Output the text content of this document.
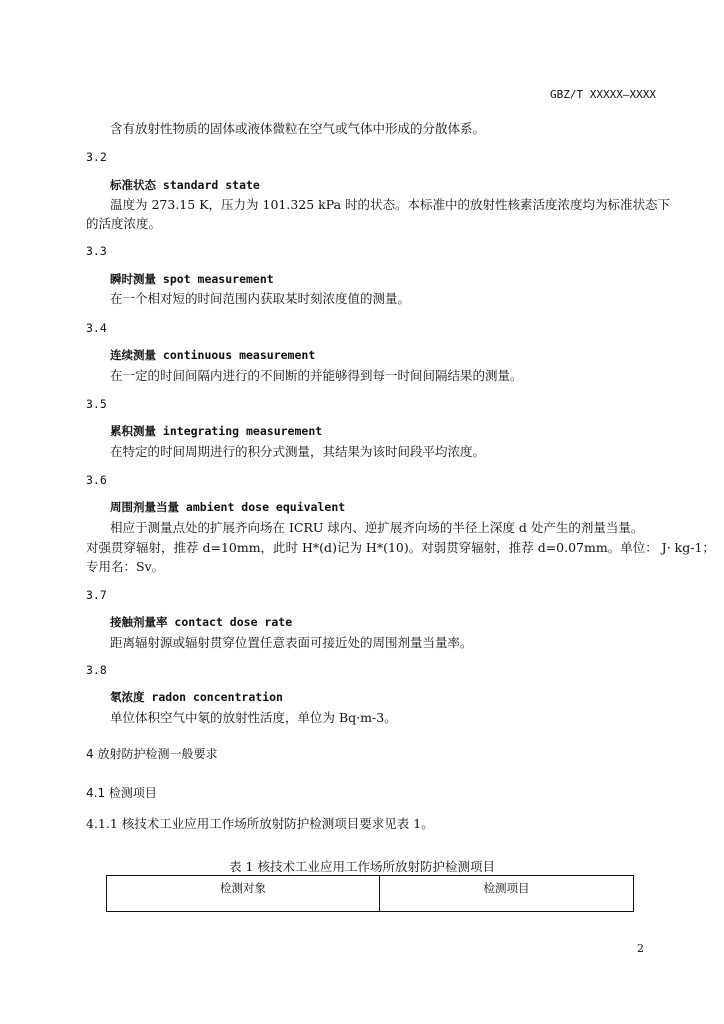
GBZ/T XXXXX—XXXX
含有放射性物质的固体或液体微粒在空气或气体中形成的分散体系。
3.2
标准状态 standard state
温度为 273.15 K，压力为 101.325 kPa 时的状态。本标准中的放射性核素活度浓度均为标准状态下
的活度浓度。
3.3
瞬时测量 spot measurement
在一个相对短的时间范围内获取某时刻浓度值的测量。
3.4
连续测量 continuous measurement
在一定的时间间隔内进行的不间断的并能够得到每一时间间隔结果的测量。
3.5
累积测量 integrating measurement
在特定的时间周期进行的积分式测量，其结果为该时间段平均浓度。
3.6
周围剂量当量 ambient dose equivalent
相应于测量点处的扩展齐向场在 ICRU 球内、逆扩展齐向场的半径上深度 d 处产生的剂量当量。
对强贯穿辐射，推荐 d=10mm，此时 H*(d)记为 H*(10)。对弱贯穿辐射，推荐 d=0.07mm。单位： J· kg-1；
专用名：Sv。
3.7
接触剂量率 contact dose rate
距离辐射源或辐射贯穿位置任意表面可接近处的周围剂量当量率。
3.8
氡浓度 radon concentration
单位体积空气中氡的放射性活度，单位为 Bq·m-3。
4 放射防护检测一般要求
4.1 检测项目
4.1.1 核技术工业应用工作场所放射防护检测项目要求见表 1。
表 1 核技术工业应用工作场所放射防护检测项目
检测对象	检测项目
2
